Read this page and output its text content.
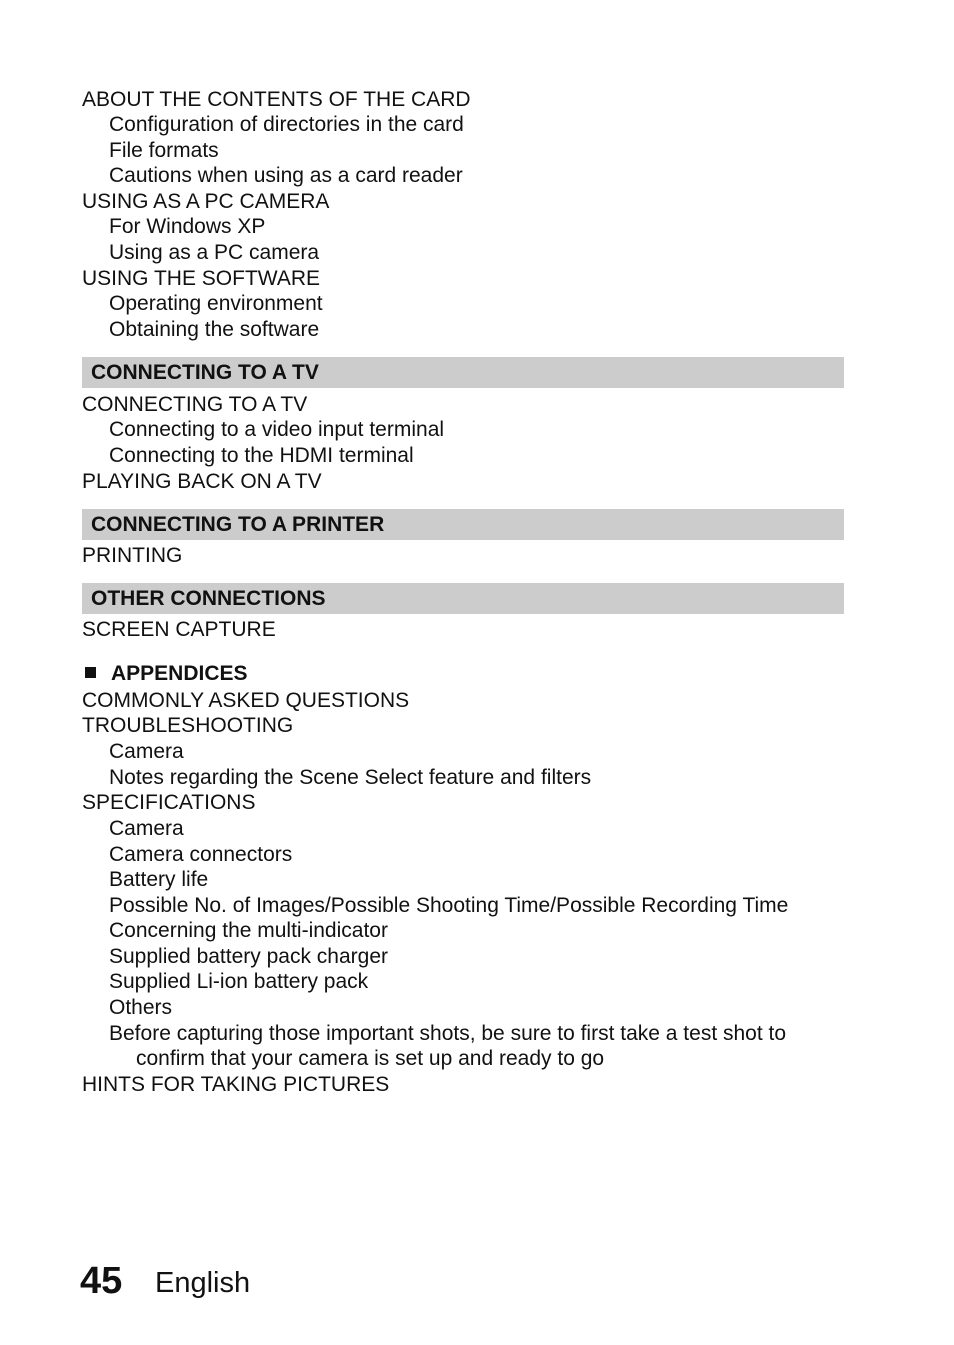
ABOUT THE CONTENTS OF THE CARD
Configuration of directories in the card
File formats
Cautions when using as a card reader
USING AS A PC CAMERA
For Windows XP
Using as a PC camera
USING THE SOFTWARE
Operating environment
Obtaining the software
CONNECTING TO A TV
CONNECTING TO A TV
Connecting to a video input terminal
Connecting to the HDMI terminal
PLAYING BACK ON A TV
CONNECTING TO A PRINTER
PRINTING
OTHER CONNECTIONS
SCREEN CAPTURE
APPENDICES
COMMONLY ASKED QUESTIONS
TROUBLESHOOTING
Camera
Notes regarding the Scene Select feature and filters
SPECIFICATIONS
Camera
Camera connectors
Battery life
Possible No. of Images/Possible Shooting Time/Possible Recording Time
Concerning the multi-indicator
Supplied battery pack charger
Supplied Li-ion battery pack
Others
Before capturing those important shots, be sure to first take a test shot to
confirm that your camera is set up and ready to go
HINTS FOR TAKING PICTURES
45 English
